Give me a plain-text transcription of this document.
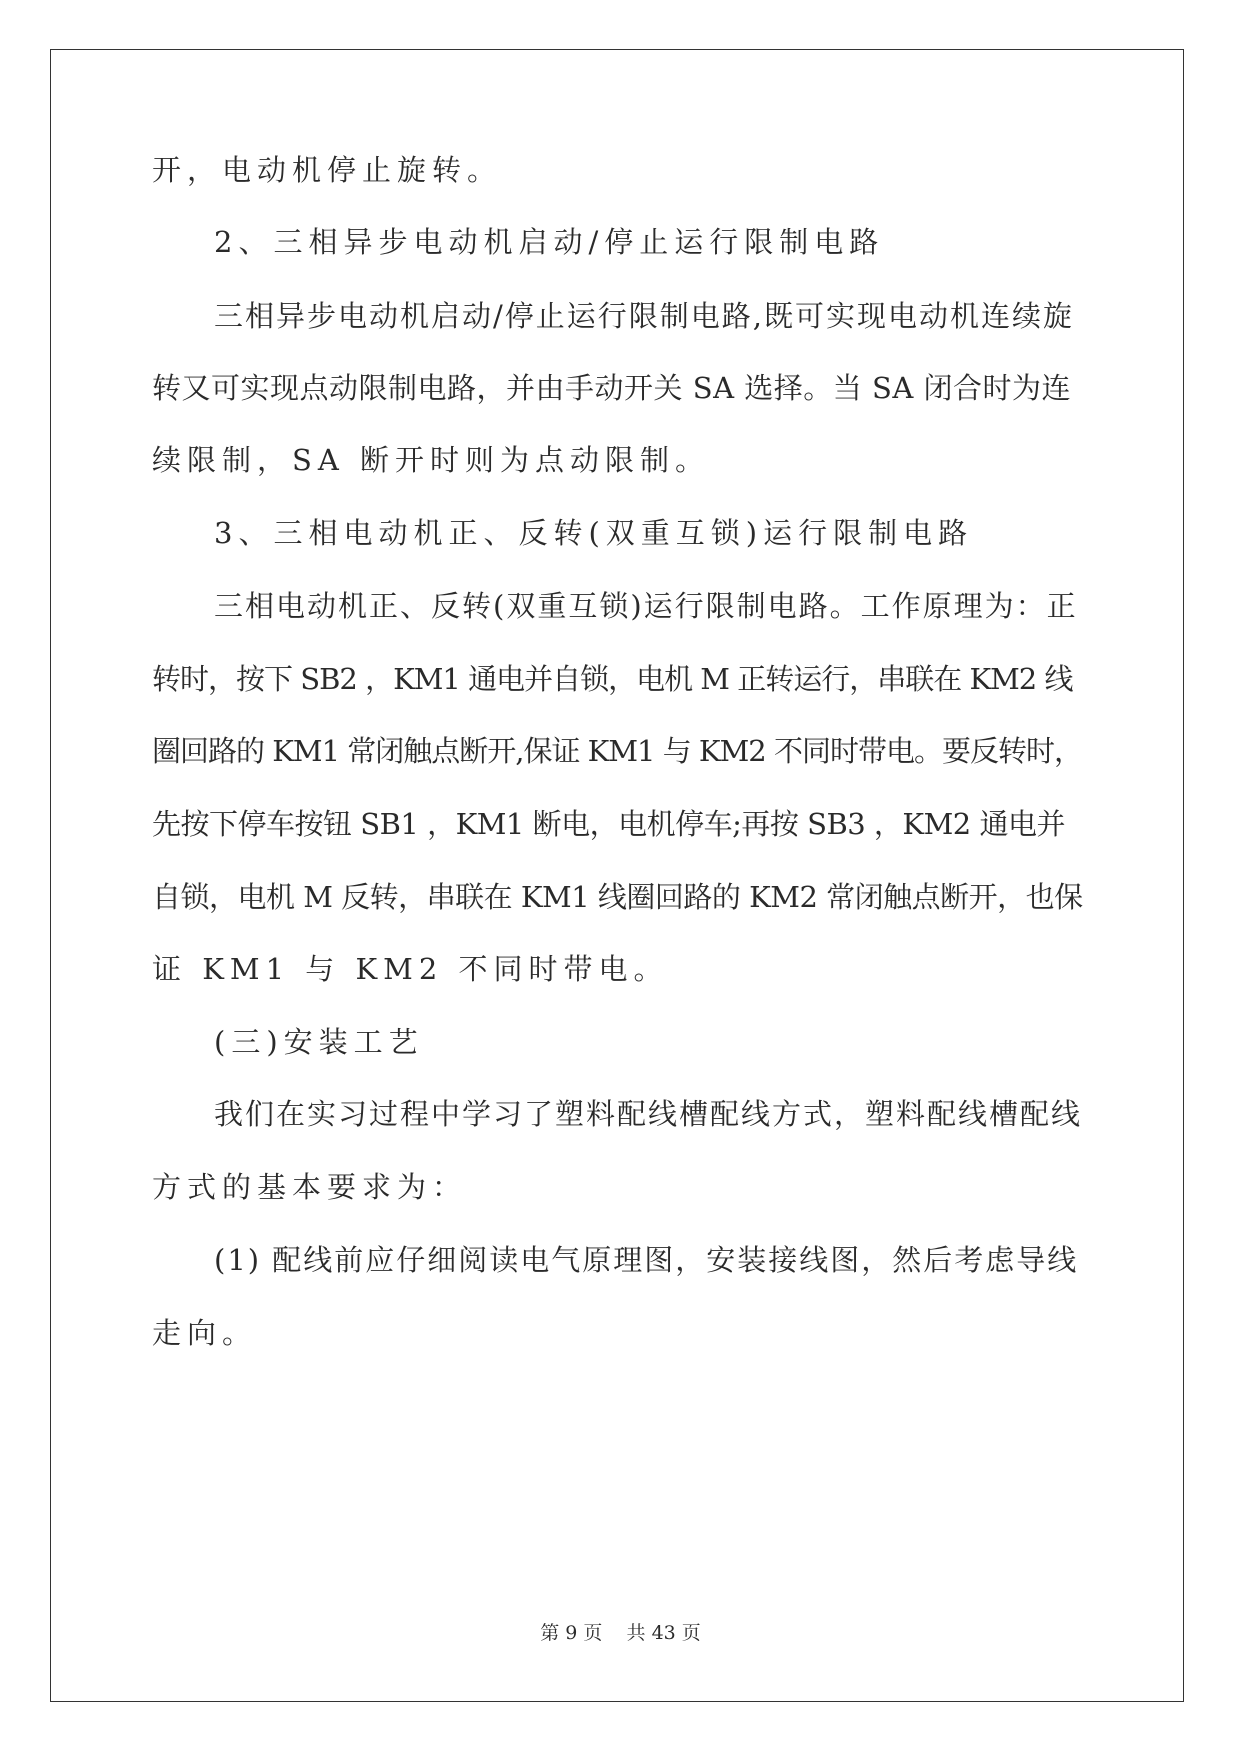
开，电动机停止旋转。
2、三相异步电动机启动/停止运行限制电路
三相异步电动机启动/停止运行限制电路,既可实现电动机连续旋
转又可实现点动限制电路，并由手动开关 SA 选择。当 SA 闭合时为连
续限制，SA 断开时则为点动限制。
3、三相电动机正、反转(双重互锁)运行限制电路
三相电动机正、反转(双重互锁)运行限制电路。工作原理为：正
转时，按下 SB2 ，KM1 通电并自锁，电机 M 正转运行，串联在 KM2 线
圈回路的 KM1 常闭触点断开,保证 KM1 与 KM2 不同时带电。要反转时，
先按下停车按钮 SB1 ，KM1 断电，电机停车;再按 SB3 ，KM2 通电并
自锁，电机 M 反转，串联在 KM1 线圈回路的 KM2 常闭触点断开，也保
证 KM1 与 KM2 不同时带电。
(三)安装工艺
我们在实习过程中学习了塑料配线槽配线方式，塑料配线槽配线
方式的基本要求为：
(1) 配线前应仔细阅读电气原理图，安装接线图，然后考虑导线
走向。
第 9 页    共 43 页
